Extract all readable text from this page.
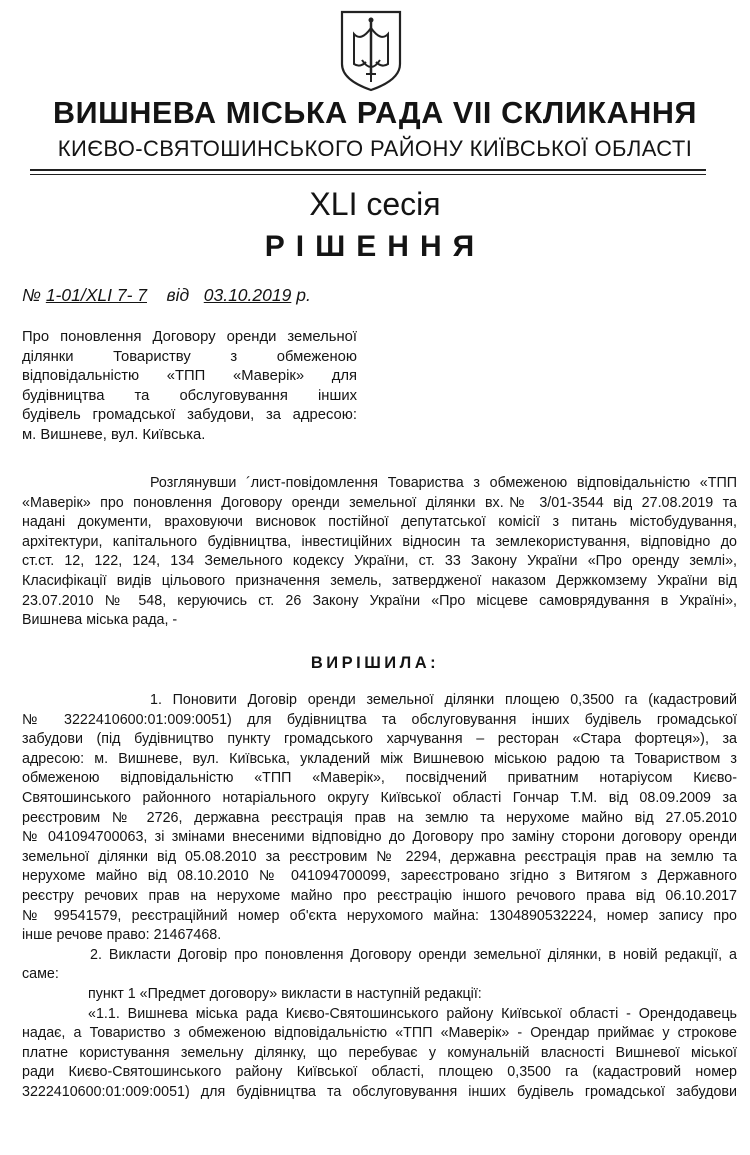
ВИШНЕВА МІСЬКА РАДА VII СКЛИКАННЯ
КИЄВО-СВЯТОШИНСЬКОГО РАЙОНУ КИЇВСЬКОЇ ОБЛАСТІ
XLI сесія
РІШЕННЯ
№ 1-01/XLI 7- 7 від 03.10.2019 р.
Про поновлення Договору оренди земельної
ділянки Товариству з обмеженою
відповідальністю «ТПП «Маверік» для
будівництва та обслуговування інших
будівель громадської забудови, за адресою:
м. Вишневе, вул. Київська.
Розглянувши ´лист-повідомлення Товариства з обмеженою відповідальністю «ТПП
«Маверік» про поновлення Договору оренди земельної ділянки вх.№ 3/01-3544 від 27.08.2019 та
надані документи, враховуючи висновок постійної депутатської комісії з питань містобудування,
архітектури, капітального будівництва, інвестиційних відносин та землекористування, відповідно до
ст.ст. 12, 122, 124, 134 Земельного кодексу України, ст. 33 Закону України «Про оренду землі»,
Класифікації видів цільового призначення земель, затвердженої наказом Держкомзему України від
23.07.2010 № 548, керуючись ст. 26 Закону України «Про місцеве самоврядування в Україні»,
Вишнева міська рада, -
ВИРІШИЛА:
1. Поновити Договір оренди земельної ділянки площею 0,3500 га (кадастровий
№ 3222410600:01:009:0051) для будівництва та обслуговування інших будівель громадської
забудови (під будівництво пункту громадського харчування – ресторан «Стара фортеця»), за
адресою: м. Вишневе, вул. Київська, укладений між Вишневою міською радою та Товариством з
обмеженою відповідальністю «ТПП «Маверік», посвідчений приватним нотаріусом Києво-
Святошинського районного нотаріального округу Київської області Гончар Т.М. від 08.09.2009 за
реєстровим № 2726, державна реєстрація прав на землю та нерухоме майно від 27.05.2010
№ 041094700063, зі змінами внесеними відповідно до Договору про заміну сторони договору оренди
земельної ділянки від 05.08.2010 за реєстровим № 2294, державна реєстрація прав на землю та
нерухоме майно від 08.10.2010 № 041094700099, зареєстровано згідно з Витягом з Державного
реєстру речових прав на нерухоме майно про реєстрацію іншого речового права від 06.10.2017
№ 99541579, реєстраційний номер об'єкта нерухомого майна: 1304890532224, номер запису про
інше речове право: 21467468.
2. Викласти Договір про поновлення Договору оренди земельної ділянки, в новій редакції, а
саме:
пункт 1 «Предмет договору» викласти в наступній редакції:
«1.1. Вишнева міська рада Києво-Святошинського району Київської області - Орендодавець
надає, а Товариство з обмеженою відповідальністю «ТПП «Маверік» - Орендар приймає у строкове
платне користування земельну ділянку, що перебуває у комунальній власності Вишневої міської
ради Києво-Святошинського району Київської області, площею 0,3500 га (кадастровий номер
3222410600:01:009:0051) для будівництва та обслуговування інших будівель громадської забудови
